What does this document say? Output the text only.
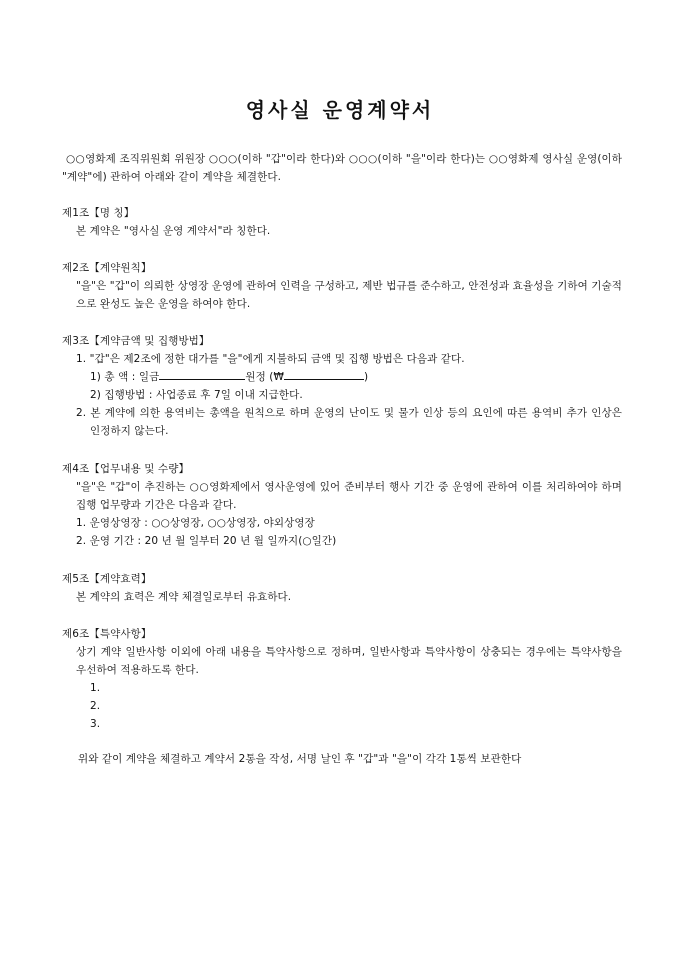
영사실 운영계약서
○○영화제 조직위원회 위원장 ○○○(이하 "갑"이라 한다)와 ○○○(이하 "을"이라 한다)는 ○○영화제 영사실 운영(이하 "계약"에) 관하여 아래와 같이 계약을 체결한다.
제1조【명 칭】
본 계약은 "영사실 운영 계약서"라 칭한다.
제2조【계약원칙】
"을"은 "갑"이 의뢰한 상영장 운영에 관하여 인력을 구성하고, 제반 법규를 준수하고, 안전성과 효율성을 기하여 기술적으로 완성도 높은 운영을 하여야 한다.
제3조【계약금액 및 집행방법】
1. "갑"은 제2조에 정한 대가를 "을"에게 지불하되 금액 및 집행 방법은 다음과 같다.
1) 총 액 : 일금	원정 (₩	)
2) 집행방법 : 사업종료 후 7일 이내 지급한다.
2. 본 계약에 의한 용역비는 총액을 원칙으로 하며 운영의 난이도 및 물가 인상 등의 요인에 따른 용역비 추가 인상은 인정하지 않는다.
제4조【업무내용 및 수량】
"을"은 "갑"이 추진하는 ○○영화제에서 영사운영에 있어 준비부터 행사 기간 중 운영에 관하여 이를 처리하여야 하며 집행 업무량과 기간은 다음과 같다.
1. 운영상영장 : ○○상영장, ○○상영장, 야외상영장
2. 운영 기간 : 20 년 월 일부터 20 년 월 일까지(○일간)
제5조【계약효력】
본 계약의 효력은 계약 체결일로부터 유효하다.
제6조【특약사항】
상기 계약 일반사항 이외에 아래 내용을 특약사항으로 정하며, 일반사항과 특약사항이 상충되는 경우에는 특약사항을 우선하여 적용하도록 한다.
1.
2.
3.
위와 같이 계약을 체결하고 계약서 2통을 작성, 서명 날인 후 "갑"과 "을"이 각각 1통씩 보관한다
